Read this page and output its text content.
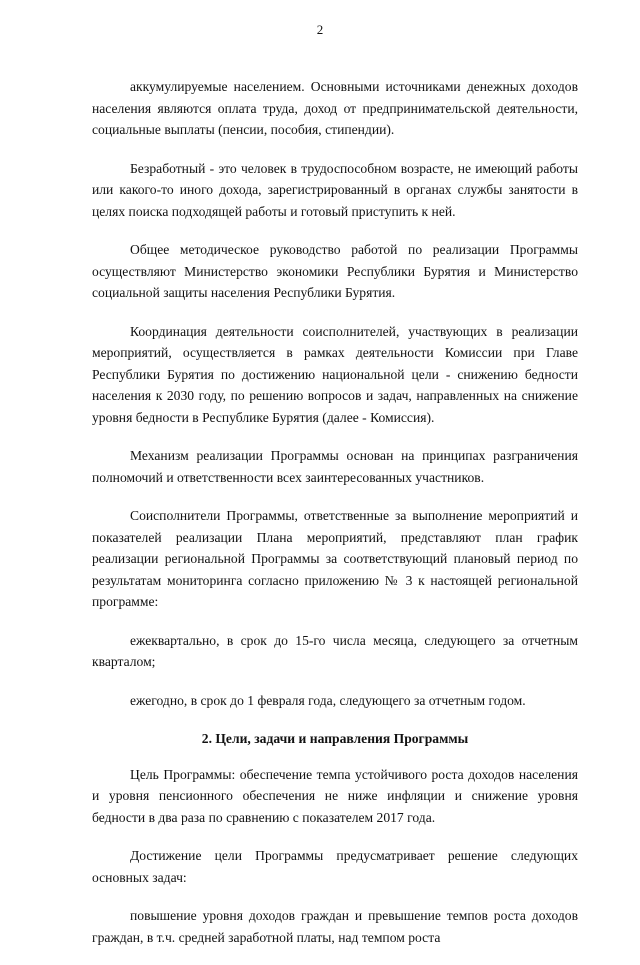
2

аккумулируемые населением. Основными источниками денежных доходов населения являются оплата труда, доход от предпринимательской деятельности, социальные выплаты (пенсии, пособия, стипендии).

Безработный - это человек в трудоспособном возрасте, не имеющий работы или какого-то иного дохода, зарегистрированный в органах службы занятости в целях поиска подходящей работы и готовый приступить к ней.

Общее методическое руководство работой по реализации Программы осуществляют Министерство экономики Республики Бурятия и Министерство социальной защиты населения Республики Бурятия.

Координация деятельности соисполнителей, участвующих в реализации мероприятий, осуществляется в рамках деятельности Комиссии при Главе Республики Бурятия по достижению национальной цели - снижению бедности населения к 2030 году, по решению вопросов и задач, направленных на снижение уровня бедности в Республике Бурятия (далее - Комиссия).

Механизм реализации Программы основан на принципах разграничения полномочий и ответственности всех заинтересованных участников.

Соисполнители Программы, ответственные за выполнение мероприятий и показателей реализации Плана мероприятий, представляют план график реализации региональной Программы за соответствующий плановый период по результатам мониторинга согласно приложению № 3 к настоящей региональной программе:

ежеквартально, в срок до 15-го числа месяца, следующего за отчетным кварталом;

ежегодно, в срок до 1 февраля года, следующего за отчетным годом.

2. Цели, задачи и направления Программы

Цель Программы: обеспечение темпа устойчивого роста доходов населения и уровня пенсионного обеспечения не ниже инфляции и снижение уровня бедности в два раза по сравнению с показателем 2017 года.

Достижение цели Программы предусматривает решение следующих основных задач:

повышение уровня доходов граждан и превышение темпов роста доходов граждан, в т.ч. средней заработной платы, над темпом роста
